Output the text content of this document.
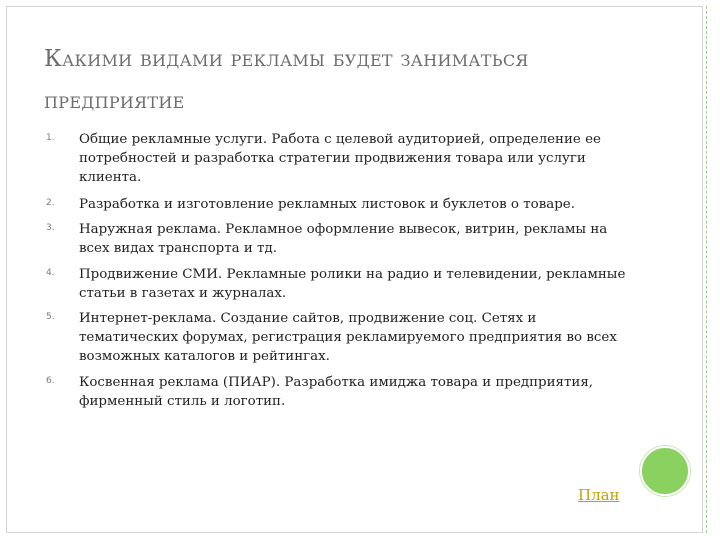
Какими видами рекламы будет заниматься предприятие
1. Общие рекламные услуги. Работа с целевой аудиторией, определение ее потребностей и разработка стратегии продвижения товара или услуги клиента.
2. Разработка и изготовление рекламных листовок и буклетов о товаре.
3. Наружная реклама. Рекламное оформление вывесок, витрин, рекламы на всех видах транспорта и тд.
4. Продвижение СМИ. Рекламные ролики на радио и телевидении, рекламные статьи в газетах и журналах.
5. Интернет-реклама. Создание сайтов, продвижение соц. Сетях и тематических форумах, регистрация рекламируемого предприятия во всех возможных каталогов и рейтингах.
6. Косвенная реклама (ПИАР). Разработка имиджа товара и предприятия, фирменный стиль и логотип.
План
